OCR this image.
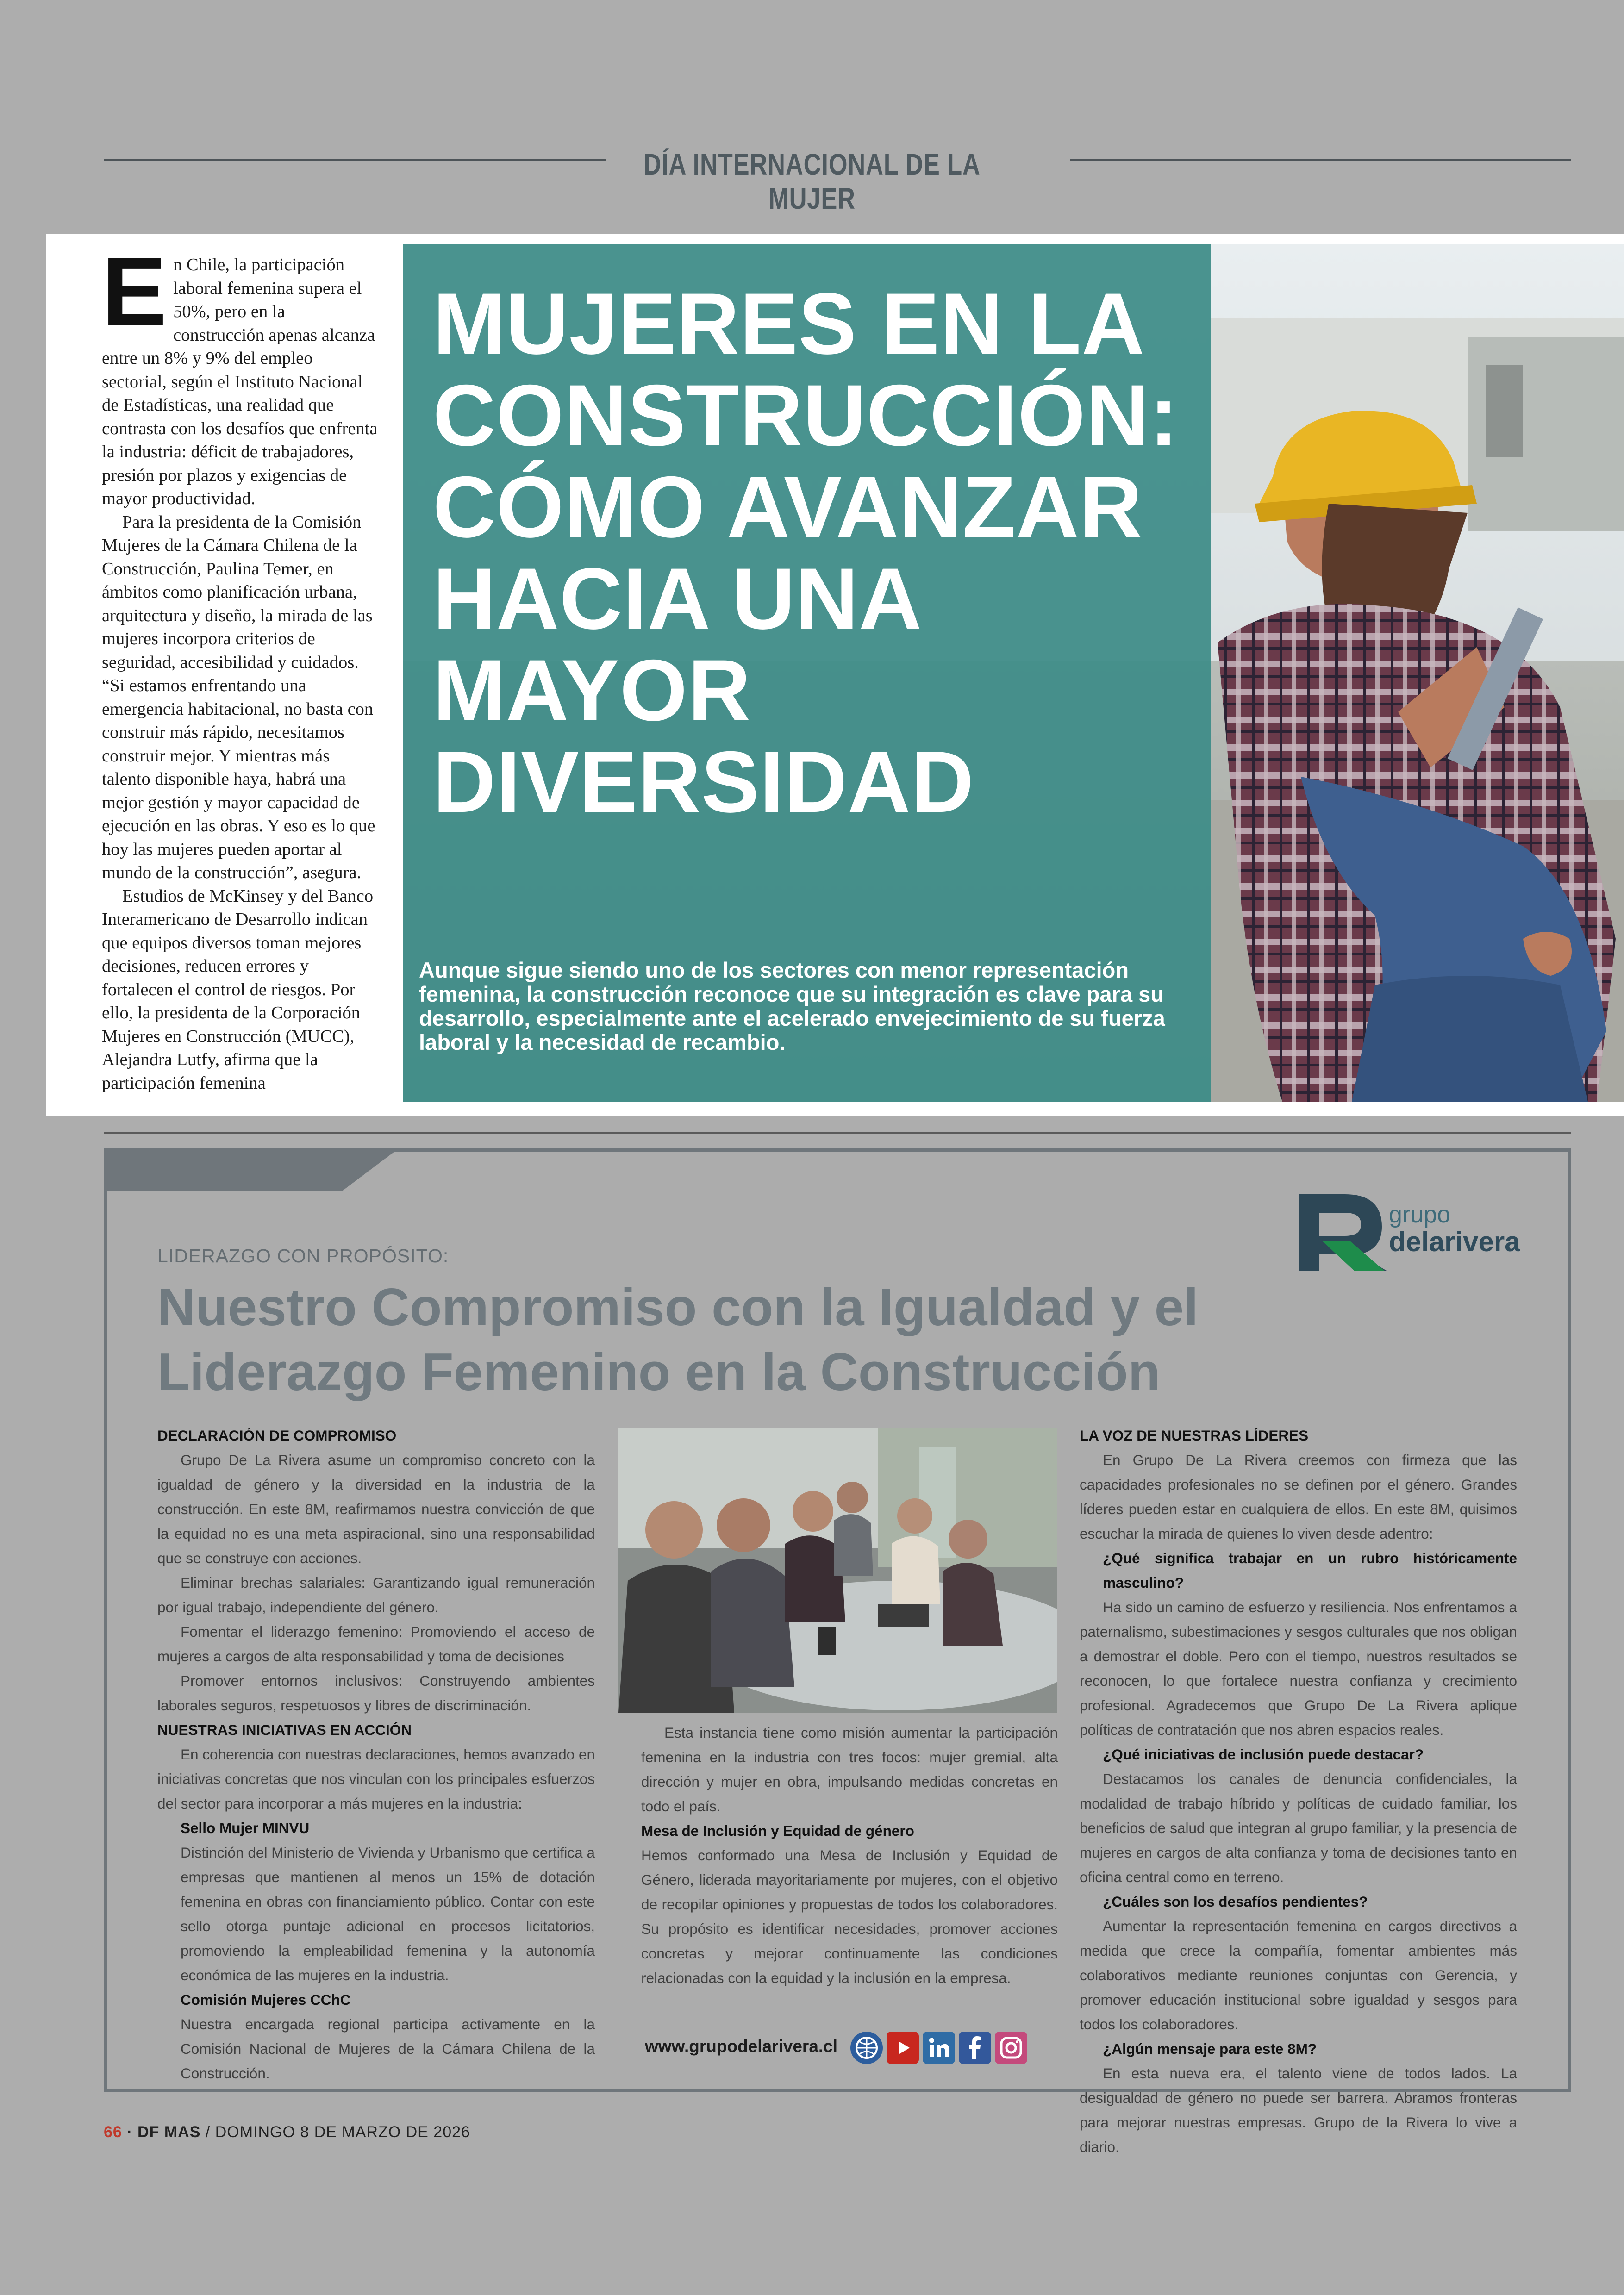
DÍA INTERNACIONAL DE LA MUJER

En Chile, la participación laboral femenina supera el 50%, pero en la construcción apenas alcanza entre un 8% y 9% del empleo sectorial, según el Instituto Nacional de Estadísticas, una realidad que contrasta con los desafíos que enfrenta la industria: déficit de trabajadores, presión por plazos y exigencias de mayor productividad.

Para la presidenta de la Comisión Mujeres de la Cámara Chilena de la Construcción, Paulina Temer, en ámbitos como planificación urbana, arquitectura y diseño, la mirada de las mujeres incorpora criterios de seguridad, accesibilidad y cuidados. “Si estamos enfrentando una emergencia habitacional, no basta con construir más rápido, necesitamos construir mejor. Y mientras más talento disponible haya, habrá una mejor gestión y mayor capacidad de ejecución en las obras. Y eso es lo que hoy las mujeres pueden aportar al mundo de la construcción”, asegura.

Estudios de McKinsey y del Banco Interamericano de Desarrollo indican que equipos diversos toman mejores decisiones, reducen errores y fortalecen el control de riesgos. Por ello, la presidenta de la Corporación Mujeres en Construcción (MUCC), Alejandra Lutfy, afirma que la participación femenina

MUJERES EN LA
CONSTRUCCIÓN:
CÓMO AVANZAR
HACIA UNA
MAYOR
DIVERSIDAD
Aunque sigue siendo uno de los sectores con menor representación femenina, la construcción reconoce que su integración es clave para su desarrollo, especialmente ante el acelerado envejecimiento de su fuerza laboral y la necesidad de recambio.
grupo
delarivera
LIDERAZGO CON PROPÓSITO:
Nuestro Compromiso con la Igualdad y el Liderazgo Femenino en la Construcción

DECLARACIÓN DE COMPROMISO

Grupo De La Rivera asume un compromiso concreto con la igualdad de género y la diversidad en la industria de la construcción. En este 8M, reafirmamos nuestra convicción de que la equidad no es una meta aspiracional, sino una responsabilidad que se construye con acciones.

Eliminar brechas salariales: Garantizando igual remuneración por igual trabajo, independiente del género.

Fomentar el liderazgo femenino: Promoviendo el acceso de mujeres a cargos de alta responsabilidad y toma de decisiones

Promover entornos inclusivos: Construyendo ambientes laborales seguros, respetuosos y libres de discriminación.

NUESTRAS INICIATIVAS EN ACCIÓN

En coherencia con nuestras declaraciones, hemos avanzado en iniciativas concretas que nos vinculan con los principales esfuerzos del sector para incorporar a más mujeres en la industria:

Sello Mujer MINVU

Distinción del Ministerio de Vivienda y Urbanismo que certifica a empresas que mantienen al menos un 15% de dotación femenina en obras con financiamiento público. Contar con este sello otorga puntaje adicional en procesos licitatorios, promoviendo la empleabilidad femenina y la autonomía económica de las mujeres en la industria.

Comisión Mujeres CChC

Nuestra encargada regional participa activamente en la Comisión Nacional de Mujeres de la Cámara Chilena de la Construcción.

Esta instancia tiene como misión aumentar la participación femenina en la industria con tres focos: mujer gremial, alta dirección y mujer en obra, impulsando medidas concretas en todo el país.

Mesa de Inclusión y Equidad de género

Hemos conformado una Mesa de Inclusión y Equidad de Género, liderada mayoritariamente por mujeres, con el objetivo de recopilar opiniones y propuestas de todos los colaboradores. Su propósito es identificar necesidades, promover acciones concretas y mejorar continuamente las condiciones relacionadas con la equidad y la inclusión en la empresa.

www.grupodelarivera.cl

LA VOZ DE NUESTRAS LÍDERES

En Grupo De La Rivera creemos con firmeza que las capacidades profesionales no se definen por el género. Grandes líderes pueden estar en cualquiera de ellos. En este 8M, quisimos escuchar la mirada de quienes lo viven desde adentro:

¿Qué significa trabajar en un rubro históricamente masculino?

Ha sido un camino de esfuerzo y resiliencia. Nos enfrentamos a paternalismo, subestimaciones y sesgos culturales que nos obligan a demostrar el doble. Pero con el tiempo, nuestros resultados se reconocen, lo que fortalece nuestra confianza y crecimiento profesional. Agradecemos que Grupo De La Rivera aplique políticas de contratación que nos abren espacios reales.

¿Qué iniciativas de inclusión puede destacar?

Destacamos los canales de denuncia confidenciales, la modalidad de trabajo híbrido y políticas de cuidado familiar, los beneficios de salud que integran al grupo familiar, y la presencia de mujeres en cargos de alta confianza y toma de decisiones tanto en oficina central como en terreno.

¿Cuáles son los desafíos pendientes?

Aumentar la representación femenina en cargos directivos a medida que crece la compañía, fomentar ambientes más colaborativos mediante reuniones conjuntas con Gerencia, y promover educación institucional sobre igualdad y sesgos para todos los colaboradores.

¿Algún mensaje para este 8M?

En esta nueva era, el talento viene de todos lados. La desigualdad de género no puede ser barrera. Abramos fronteras para mejorar nuestras empresas. Grupo de la Rivera lo vive a diario.

66 · DF MAS / DOMINGO 8 DE MARZO DE 2026
